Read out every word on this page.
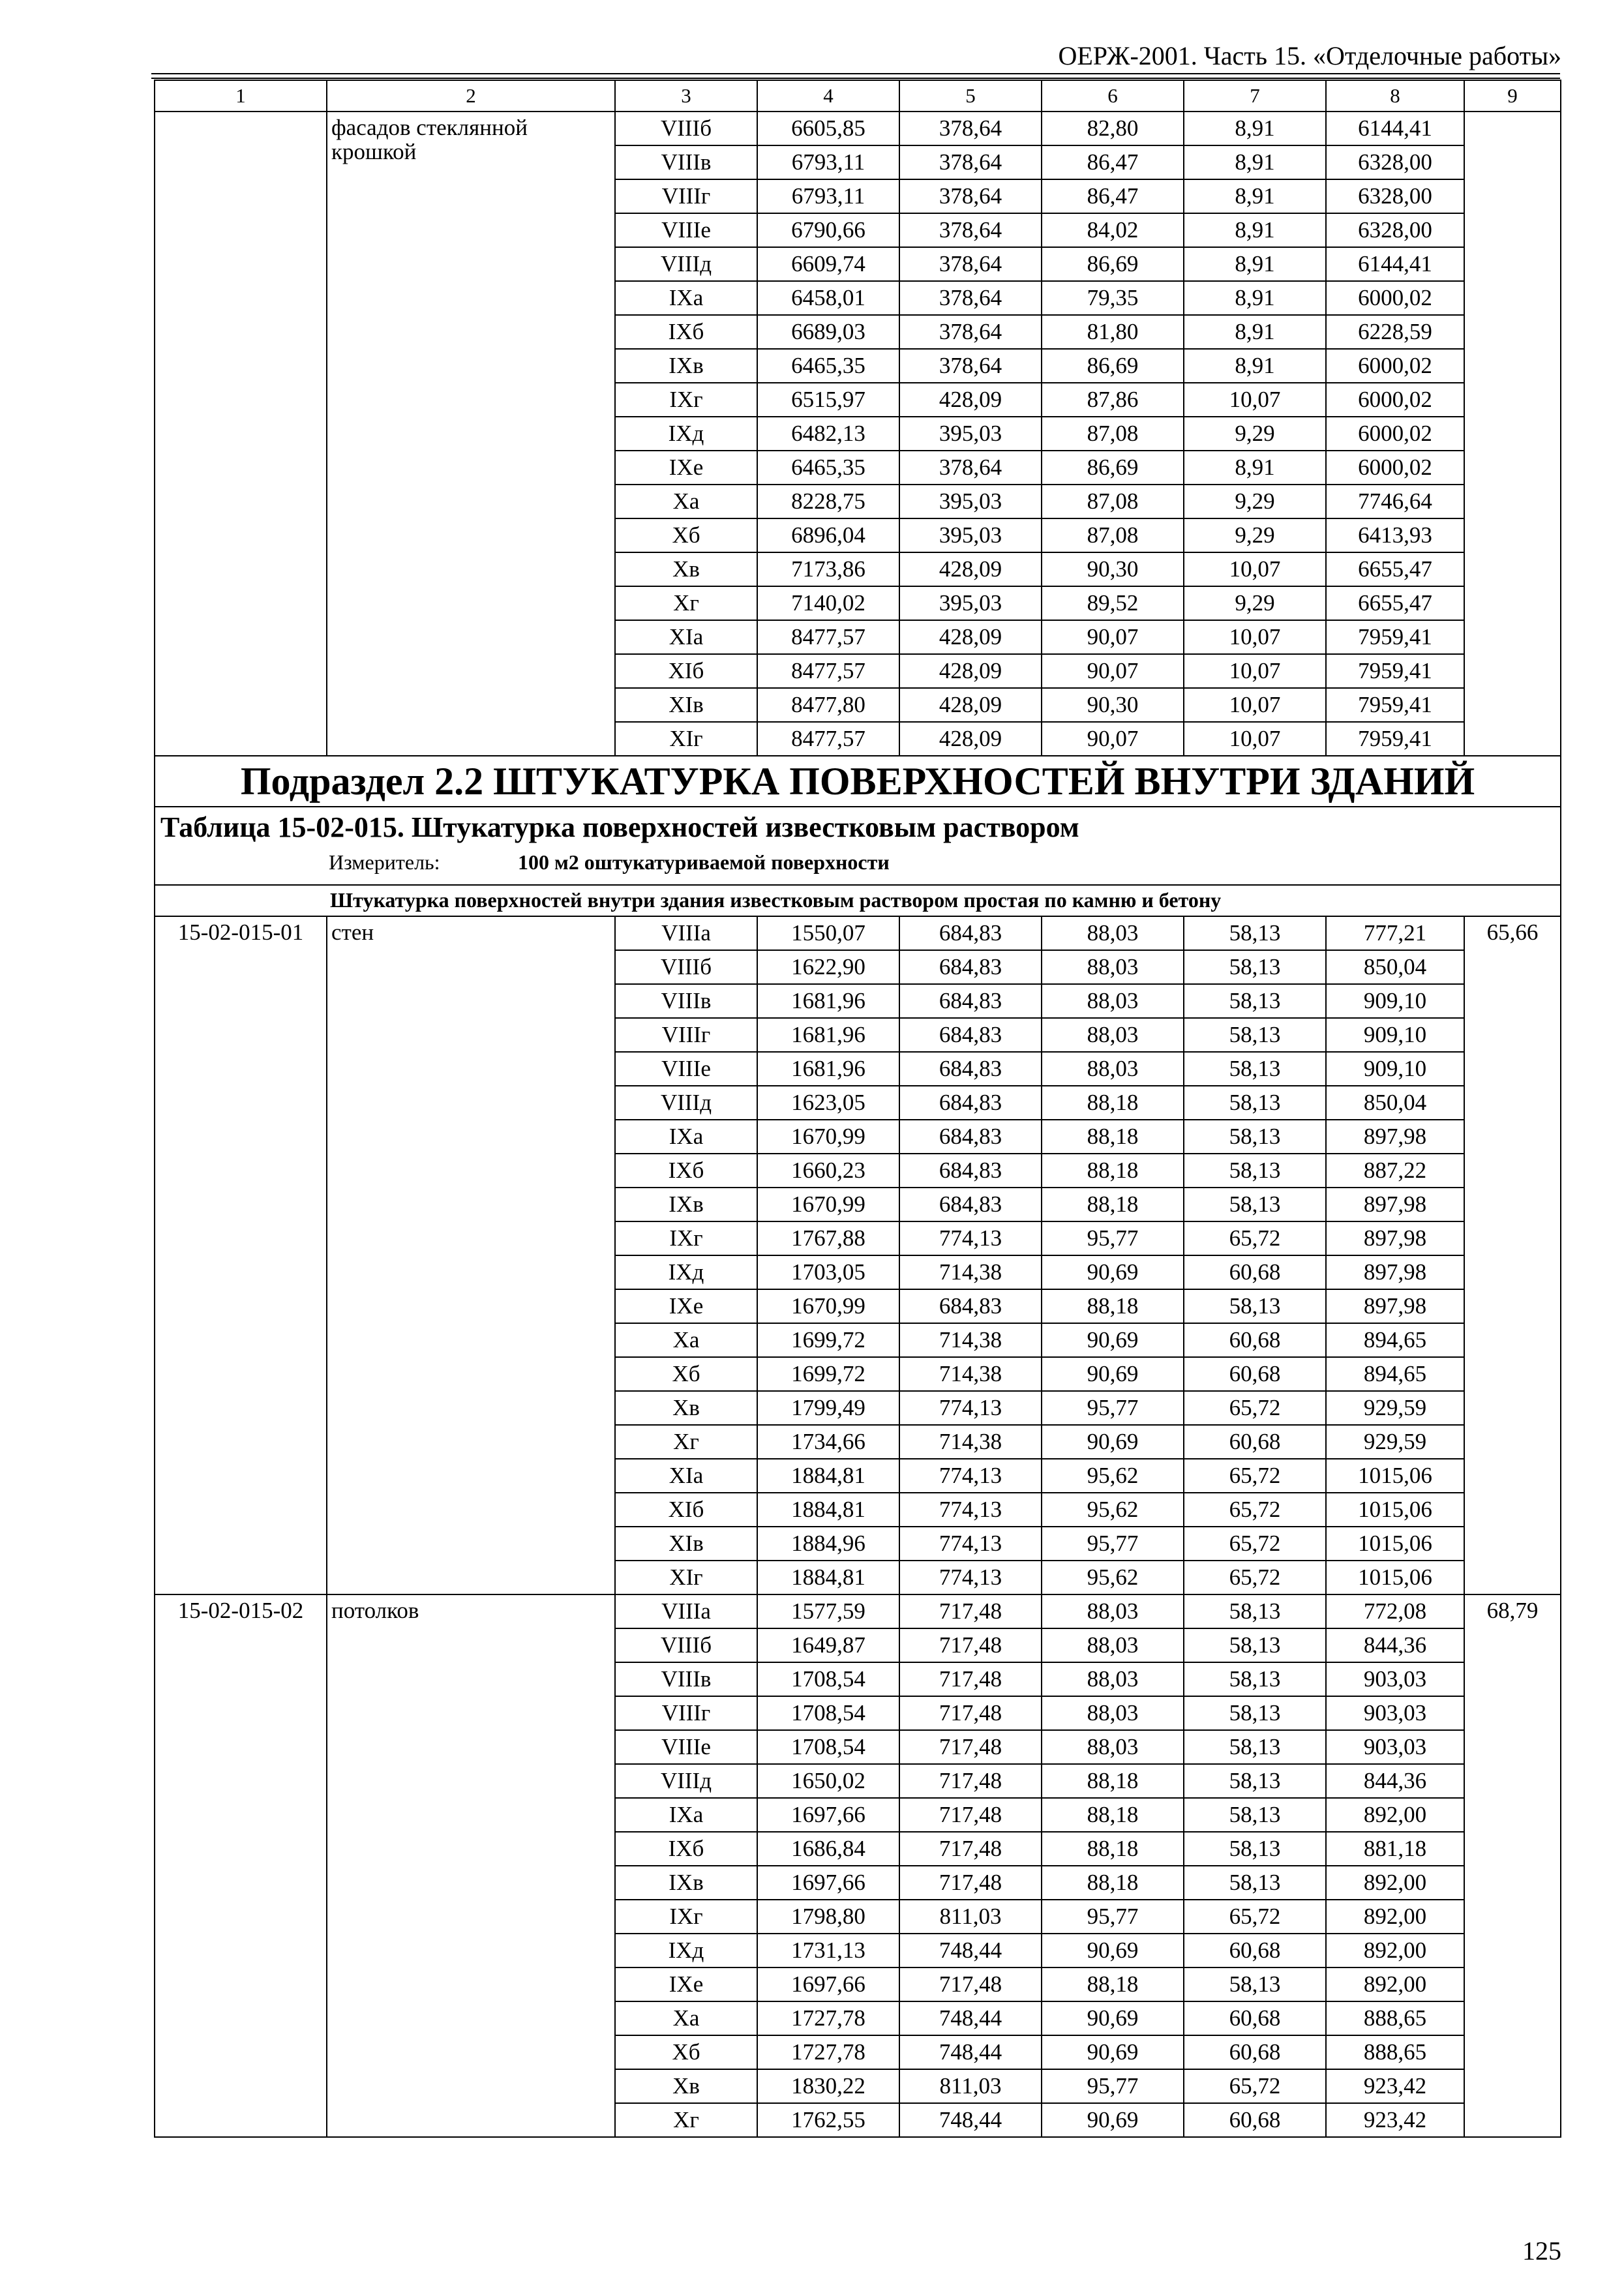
ОЕРЖ-2001. Часть 15. «Отделочные работы»
1	2	3	4	5	6	7	8	9
	фасадов стеклянной крошкой	VIIIб	6605,85	378,64	82,80	8,91	6144,41	
		VIIIв	6793,11	378,64	86,47	8,91	6328,00	
		VIIIг	6793,11	378,64	86,47	8,91	6328,00	
		VIIIе	6790,66	378,64	84,02	8,91	6328,00	
		VIIIд	6609,74	378,64	86,69	8,91	6144,41	
		IXа	6458,01	378,64	79,35	8,91	6000,02	
		IXб	6689,03	378,64	81,80	8,91	6228,59	
		IXв	6465,35	378,64	86,69	8,91	6000,02	
		IXг	6515,97	428,09	87,86	10,07	6000,02	
		IXд	6482,13	395,03	87,08	9,29	6000,02	
		IXе	6465,35	378,64	86,69	8,91	6000,02	
		Xа	8228,75	395,03	87,08	9,29	7746,64	
		Xб	6896,04	395,03	87,08	9,29	6413,93	
		Xв	7173,86	428,09	90,30	10,07	6655,47	
		Xг	7140,02	395,03	89,52	9,29	6655,47	
		XIа	8477,57	428,09	90,07	10,07	7959,41	
		XIб	8477,57	428,09	90,07	10,07	7959,41	
		XIв	8477,80	428,09	90,30	10,07	7959,41	
		XIг	8477,57	428,09	90,07	10,07	7959,41	
Подраздел 2.2 ШТУКАТУРКА ПОВЕРХНОСТЕЙ ВНУТРИ ЗДАНИЙ								

Таблица 15-02-015. Штукатурка поверхностей известковым раствором
Измеритель: 100 м2 оштукатуриваемой поверхности								

Штукатурка поверхностей внутри здания известковым раствором простая по камню и бетону								
15-02-015-01	стен	VIIIа	1550,07	684,83	88,03	58,13	777,21	65,66
		VIIIб	1622,90	684,83	88,03	58,13	850,04	
		VIIIв	1681,96	684,83	88,03	58,13	909,10	
		VIIIг	1681,96	684,83	88,03	58,13	909,10	
		VIIIе	1681,96	684,83	88,03	58,13	909,10	
		VIIIд	1623,05	684,83	88,18	58,13	850,04	
		IXа	1670,99	684,83	88,18	58,13	897,98	
		IXб	1660,23	684,83	88,18	58,13	887,22	
		IXв	1670,99	684,83	88,18	58,13	897,98	
		IXг	1767,88	774,13	95,77	65,72	897,98	
		IXд	1703,05	714,38	90,69	60,68	897,98	
		IXе	1670,99	684,83	88,18	58,13	897,98	
		Xа	1699,72	714,38	90,69	60,68	894,65	
		Xб	1699,72	714,38	90,69	60,68	894,65	
		Xв	1799,49	774,13	95,77	65,72	929,59	
		Xг	1734,66	714,38	90,69	60,68	929,59	
		XIа	1884,81	774,13	95,62	65,72	1015,06	
		XIб	1884,81	774,13	95,62	65,72	1015,06	
		XIв	1884,96	774,13	95,77	65,72	1015,06	
		XIг	1884,81	774,13	95,62	65,72	1015,06	
15-02-015-02	потолков	VIIIа	1577,59	717,48	88,03	58,13	772,08	68,79
		VIIIб	1649,87	717,48	88,03	58,13	844,36	
		VIIIв	1708,54	717,48	88,03	58,13	903,03	
		VIIIг	1708,54	717,48	88,03	58,13	903,03	
		VIIIе	1708,54	717,48	88,03	58,13	903,03	
		VIIIд	1650,02	717,48	88,18	58,13	844,36	
		IXа	1697,66	717,48	88,18	58,13	892,00	
		IXб	1686,84	717,48	88,18	58,13	881,18	
		IXв	1697,66	717,48	88,18	58,13	892,00	
		IXг	1798,80	811,03	95,77	65,72	892,00	
		IXд	1731,13	748,44	90,69	60,68	892,00	
		IXе	1697,66	717,48	88,18	58,13	892,00	
		Xа	1727,78	748,44	90,69	60,68	888,65	
		Xб	1727,78	748,44	90,69	60,68	888,65	
		Xв	1830,22	811,03	95,77	65,72	923,42	
		Xг	1762,55	748,44	90,69	60,68	923,42	
125
